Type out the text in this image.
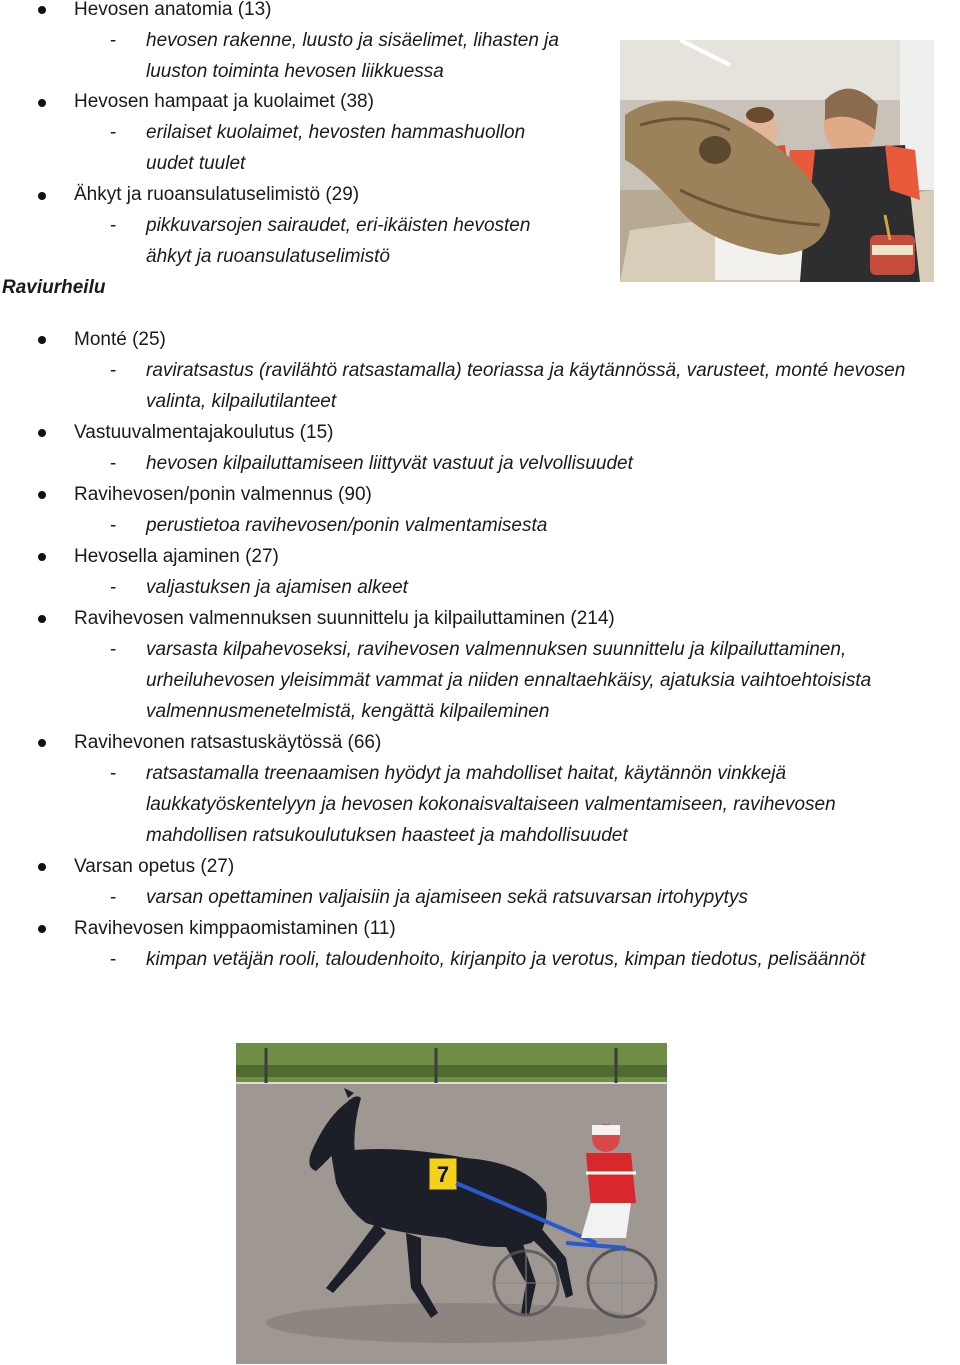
Hevosen anatomia (13)
- hevosen rakenne, luusto ja sisäelimet, lihasten ja
luuston toiminta hevosen liikkuessa
Hevosen hampaat ja kuolaimet (38)
- erilaiset kuolaimet, hevosten hammashuollon
uudet tuulet
Ähkyt ja ruoansulatuselimistö (29)
- pikkuvarsojen sairaudet, eri-ikäisten hevosten
ähkyt ja ruoansulatuselimistö
Raviurheilu
Monté (25)
- raviratsastus (ravilähtö ratsastamalla) teoriassa ja käytännössä, varusteet, monté hevosen
valinta, kilpailutilanteet
Vastuuvalmentajakoulutus (15)
- hevosen kilpailuttamiseen liittyvät vastuut ja velvollisuudet
Ravihevosen/ponin valmennus (90)
- perustietoa ravihevosen/ponin valmentamisesta
Hevosella ajaminen (27)
- valjastuksen ja ajamisen alkeet
Ravihevosen valmennuksen suunnittelu ja kilpailuttaminen (214)
- varsasta kilpahevoseksi, ravihevosen valmennuksen suunnittelu ja kilpailuttaminen,
urheiluhevosen yleisimmät vammat ja niiden ennaltaehkäisy, ajatuksia vaihtoehtoisista
valmennusmenetelmistä, kengättä kilpaileminen
Ravihevonen ratsastuskäytössä (66)
- ratsastamalla treenaamisen hyödyt ja mahdolliset haitat, käytännön vinkkejä
laukkatyöskentelyyn ja hevosen kokonaisvaltaiseen valmentamiseen, ravihevosen
mahdollisen ratsukoulutuksen haasteet ja mahdollisuudet
Varsan opetus (27)
- varsan opettaminen valjaisiin ja ajamiseen sekä ratsuvarsan irtohypytys
Ravihevosen kimppaomistaminen (11)
- kimpan vetäjän rooli, taloudenhoito, kirjanpito ja verotus, kimpan tiedotus, pelisäännöt
7
